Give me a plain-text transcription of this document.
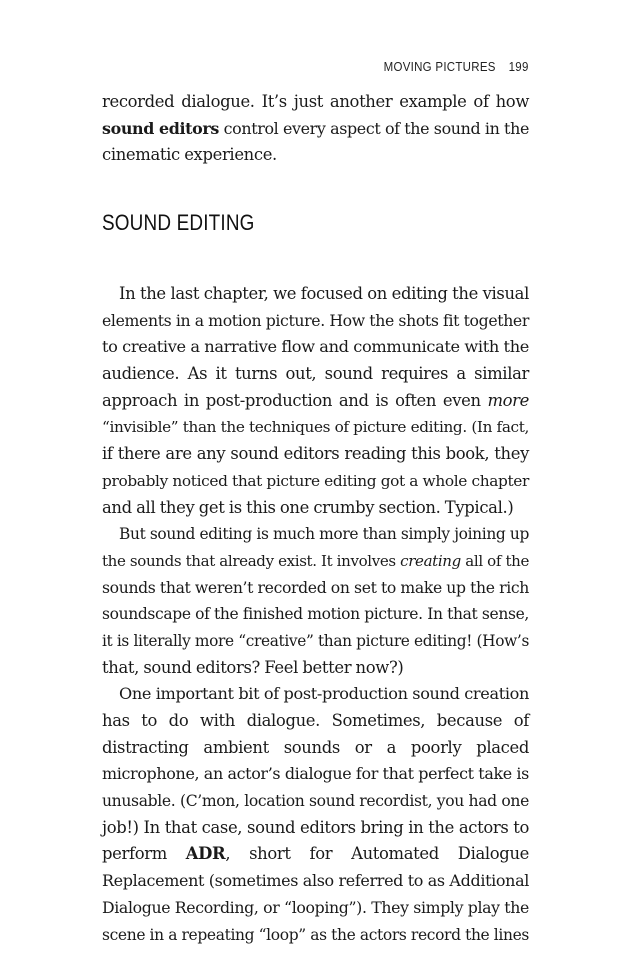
MOVING PICTURES 199
recorded dialogue. It’s just another example of how
sound editors control every aspect of the sound in the
cinematic experience.
SOUND EDITING
In the last chapter, we focused on editing the visual
elements in a motion picture. How the shots fit together
to creative a narrative flow and communicate with the
audience. As it turns out, sound requires a similar
approach in post-production and is often even more
“invisible” than the techniques of picture editing. (In fact,
if there are any sound editors reading this book, they
probably noticed that picture editing got a whole chapter
and all they get is this one crumby section. Typical.)
But sound editing is much more than simply joining up
the sounds that already exist. It involves creating all of the
sounds that weren’t recorded on set to make up the rich
soundscape of the finished motion picture. In that sense,
it is literally more “creative” than picture editing! (How’s
that, sound editors? Feel better now?)
One important bit of post-production sound creation
has to do with dialogue. Sometimes, because of
distracting ambient sounds or a poorly placed
microphone, an actor’s dialogue for that perfect take is
unusable. (C’mon, location sound recordist, you had one
job!) In that case, sound editors bring in the actors to
perform ADR, short for Automated Dialogue
Replacement (sometimes also referred to as Additional
Dialogue Recording, or “looping”). They simply play the
scene in a repeating “loop” as the actors record the lines
